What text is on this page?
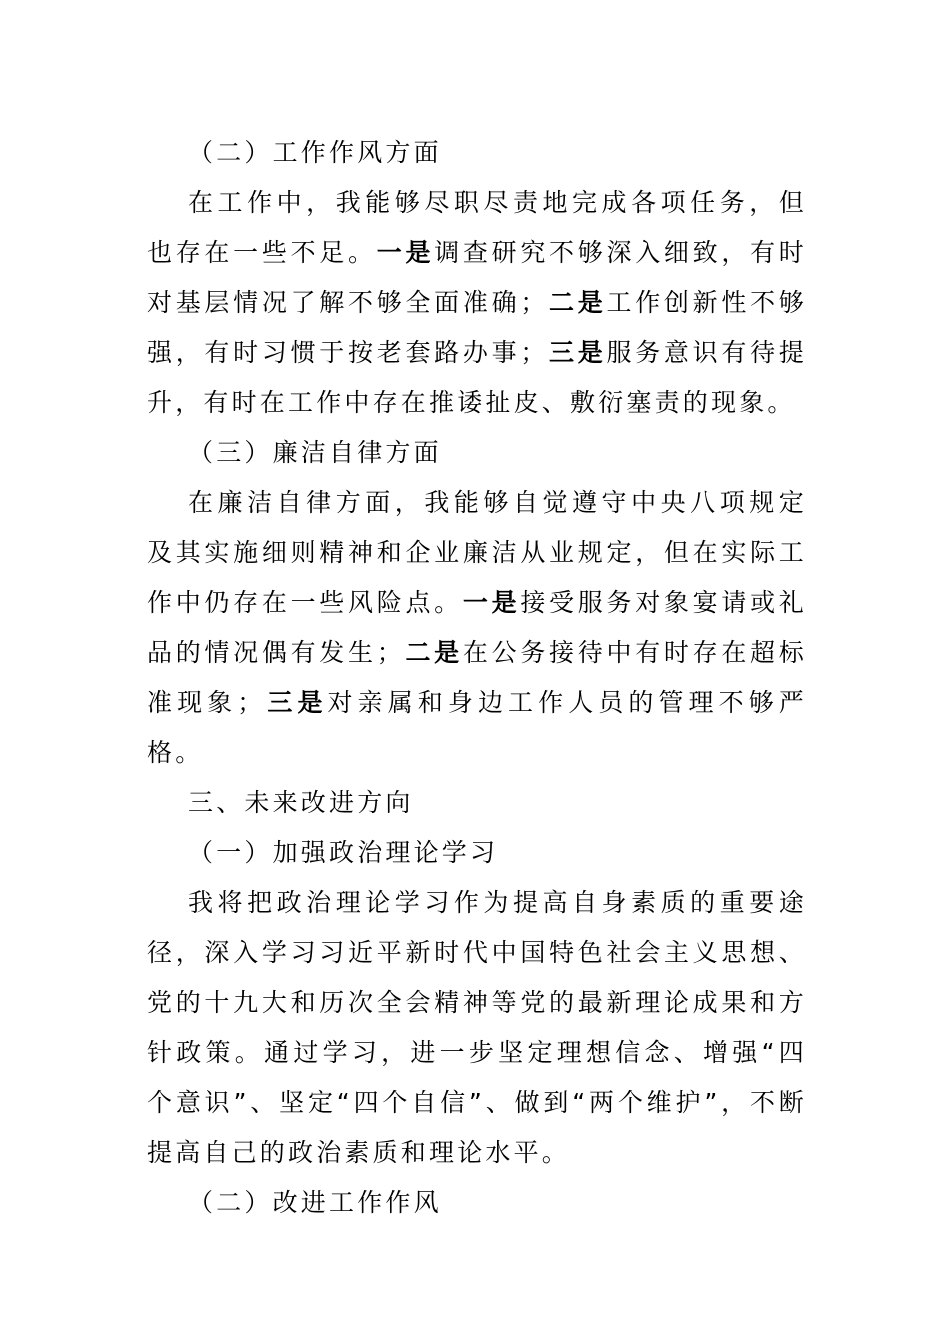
（二）工作作风方面

在工作中，我能够尽职尽责地完成各项任务，但也存在一些不足。一是调查研究不够深入细致，有时对基层情况了解不够全面准确；二是工作创新性不够强，有时习惯于按老套路办事；三是服务意识有待提升，有时在工作中存在推诿扯皮、敷衍塞责的现象。

（三）廉洁自律方面

在廉洁自律方面，我能够自觉遵守中央八项规定及其实施细则精神和企业廉洁从业规定，但在实际工作中仍存在一些风险点。一是接受服务对象宴请或礼品的情况偶有发生；二是在公务接待中有时存在超标准现象；三是对亲属和身边工作人员的管理不够严格。

三、未来改进方向

（一）加强政治理论学习

我将把政治理论学习作为提高自身素质的重要途径，深入学习习近平新时代中国特色社会主义思想、党的十九大和历次全会精神等党的最新理论成果和方针政策。通过学习，进一步坚定理想信念、增强“四个意识”、坚定“四个自信”、做到“两个维护”，不断提高自己的政治素质和理论水平。

（二）改进工作作风
